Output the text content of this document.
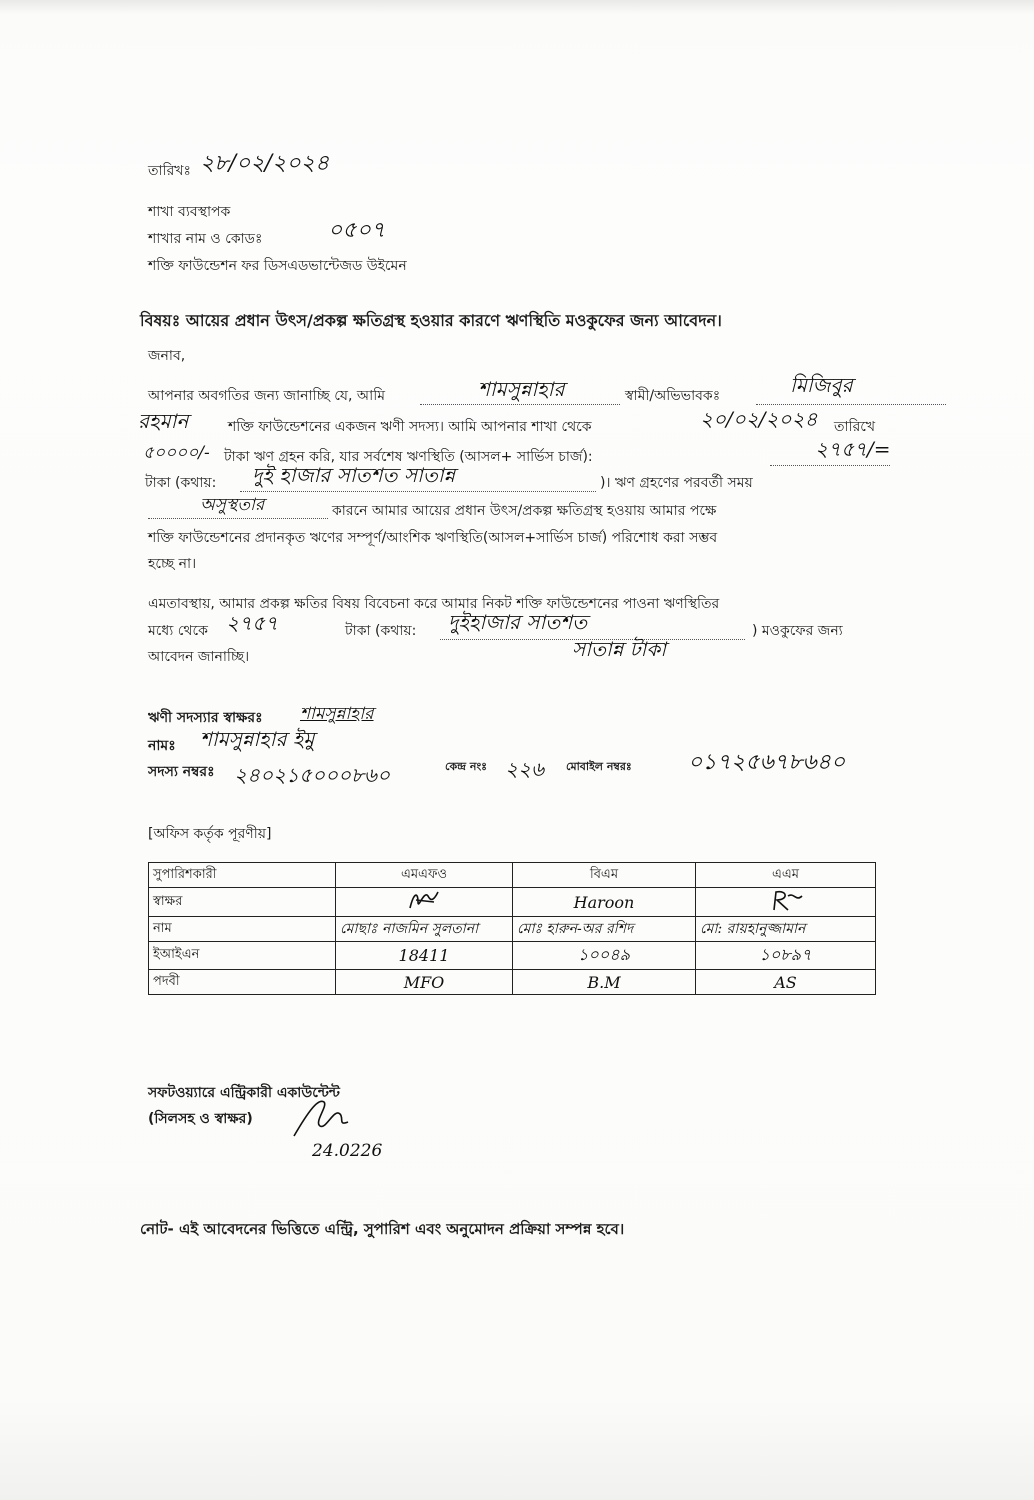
তারিখঃ ২৮/০২/২০২৪
শাখা ব্যবস্থাপক
শাখার নাম ও কোডঃ	০৫০৭
শক্তি ফাউন্ডেশন ফর ডিসএডভান্টেজড উইমেন
বিষয়ঃ আয়ের প্রধান উৎস/প্রকল্প ক্ষতিগ্রস্থ হওয়ার কারণে ঋণস্থিতি মওকুফের জন্য আবেদন।
জনাব,
আপনার অবগতির জন্য জানাচ্ছি যে, আমি	শামসুন্নাহার	স্বামী/অভিভাবকঃ	মিজিবুর
রহমান	শক্তি ফাউন্ডেশনের একজন ঋণী সদস্য। আমি আপনার শাখা থেকে	২০/০২/২০২৪ তারিখে
৫০০০০/- টাকা ঋণ গ্রহন করি, যার সর্বশেষ ঋণস্থিতি (আসল+ সার্ভিস চার্জ):	২৭৫৭/=
টাকা (কথায়: দুই হাজার সাতশত সাতান্ন	)। ঋণ গ্রহণের পরবর্তী সময়
অসুস্থতার	কারনে আমার আয়ের প্রধান উৎস/প্রকল্প ক্ষতিগ্রস্থ হওয়ায় আমার পক্ষে
শক্তি ফাউন্ডেশনের প্রদানকৃত ঋণের সম্পূর্ণ/আংশিক ঋণস্থিতি(আসল+সার্ভিস চার্জ) পরিশোধ করা সম্ভব
হচ্ছে না।
এমতাবস্থায়, আমার প্রকল্প ক্ষতির বিষয় বিবেচনা করে আমার নিকট শক্তি ফাউন্ডেশনের পাওনা ঋণস্থিতির
মধ্যে থেকে ২৭৫৭	টাকা (কথায়: দুইহাজার সাতশত	) মওকুফের জন্য
আবেদন জানাচ্ছি।	সাতান্ন টাকা
ঋণী সদস্যার স্বাক্ষরঃ শামসুন্নাহার
নামঃ শামসুন্নাহার ইমু
সদস্য নম্বরঃ ২৪০২১৫০০০৮৬০	কেন্দ্র নংঃ ২২৬ মোবাইল নম্বরঃ	০১৭২৫৬৭৮৬৪০
[অফিস কর্তৃক পূরণীয়]
সুপারিশকারী	এমএফও	বিএম	এএম
স্বাক্ষর		Haroon	
নাম	মোছাঃ নাজমিন সুলতানা	মোঃ হারুন-অর রশিদ	মো: রায়হানুজ্জামান
ইআইএন	18411	১০০৪৯	১০৮৯৭
পদবী	MFO	B.M	AS
সফটওয়্যারে এন্ট্রিকারী একাউন্টেন্ট
(সিলসহ ও স্বাক্ষর)
24.0226
নোট- এই আবেদনের ভিত্তিতে এন্ট্রি, সুপারিশ এবং অনুমোদন প্রক্রিয়া সম্পন্ন হবে।
